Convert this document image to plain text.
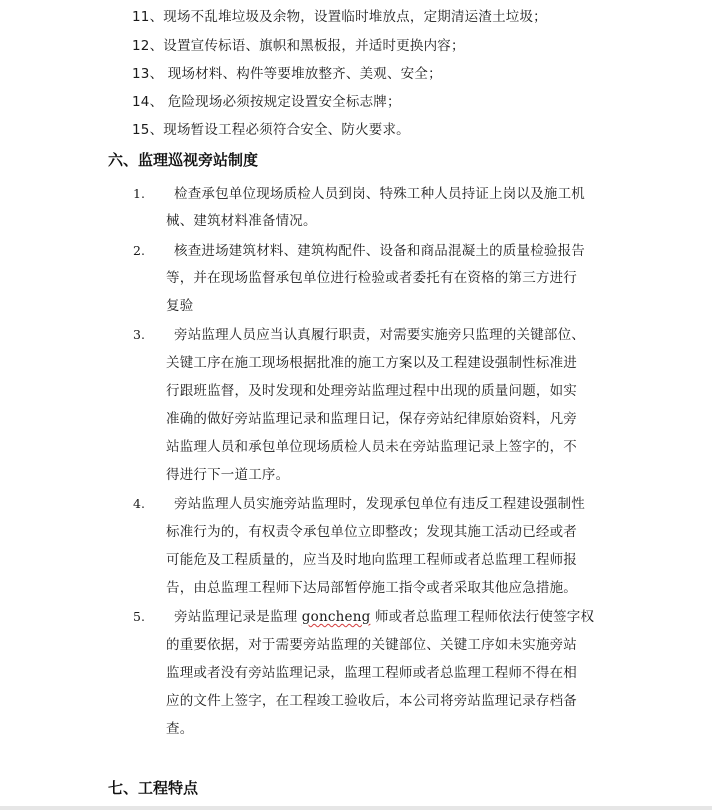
11、现场不乱堆垃圾及余物，设置临时堆放点，定期清运渣土垃圾；
12、设置宣传标语、旗帜和黑板报，并适时更换内容；
13、 现场材料、构件等要堆放整齐、美观、安全；
14、 危险现场必须按规定设置安全标志牌；
15、现场暂设工程必须符合安全、防火要求。
六、监理巡视旁站制度
1. 检查承包单位现场质检人员到岗、特殊工种人员持证上岗以及施工机
械、建筑材料准备情况。
2. 核查进场建筑材料、建筑构配件、设备和商品混凝土的质量检验报告
等，并在现场监督承包单位进行检验或者委托有在资格的第三方进行
复验
3. 旁站监理人员应当认真履行职责，对需要实施旁只监理的关键部位、
关键工序在施工现场根据批准的施工方案以及工程建设强制性标准进
行跟班监督，及时发现和处理旁站监理过程中出现的质量问题，如实
准确的做好旁站监理记录和监理日记，保存旁站纪律原始资料，凡旁
站监理人员和承包单位现场质检人员未在旁站监理记录上签字的，不
得进行下一道工序。
4. 旁站监理人员实施旁站监理时，发现承包单位有违反工程建设强制性
标准行为的，有权责令承包单位立即整改；发现其施工活动已经或者
可能危及工程质量的，应当及时地向监理工程师或者总监理工程师报
告，由总监理工程师下达局部暂停施工指令或者采取其他应急措施。
5. 旁站监理记录是监理 goncheng 师或者总监理工程师依法行使签字权
的重要依据，对于需要旁站监理的关键部位、关键工序如未实施旁站
监理或者没有旁站监理记录，监理工程师或者总监理工程师不得在相
应的文件上签字，在工程竣工验收后，本公司将旁站监理记录存档备
查。
七、工程特点
